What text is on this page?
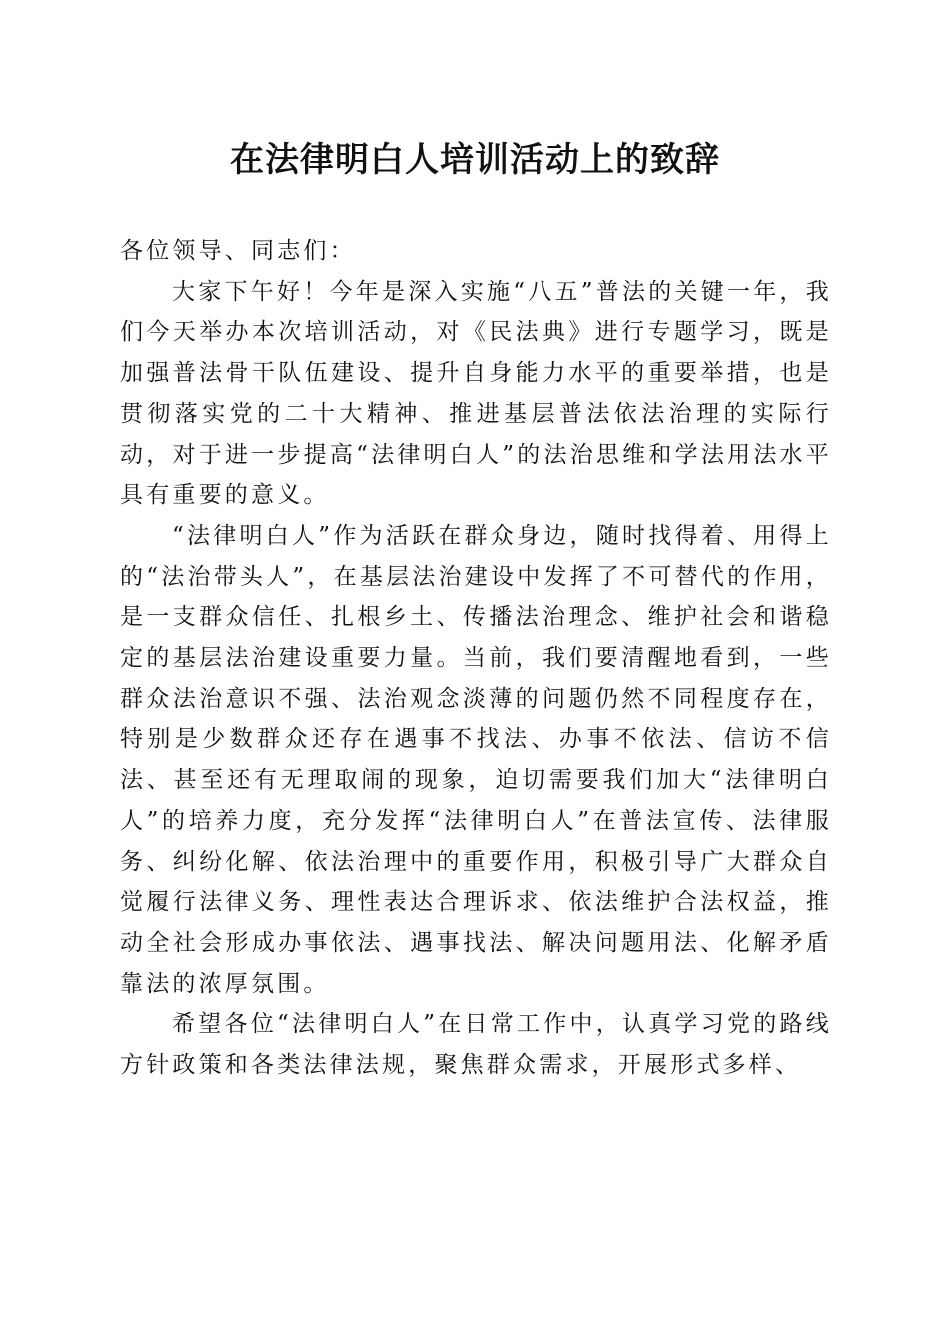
在法律明白人培训活动上的致辞

各位领导、同志们：

大家下午好！今年是深入实施“八五”普法的关键一年，我们今天举办本次培训活动，对《民法典》进行专题学习，既是加强普法骨干队伍建设、提升自身能力水平的重要举措，也是贯彻落实党的二十大精神、推进基层普法依法治理的实际行动，对于进一步提高“法律明白人”的法治思维和学法用法水平具有重要的意义。

“法律明白人”作为活跃在群众身边，随时找得着、用得上的“法治带头人”，在基层法治建设中发挥了不可替代的作用，是一支群众信任、扎根乡土、传播法治理念、维护社会和谐稳定的基层法治建设重要力量。当前，我们要清醒地看到，一些群众法治意识不强、法治观念淡薄的问题仍然不同程度存在，特别是少数群众还存在遇事不找法、办事不依法、信访不信法、甚至还有无理取闹的现象，迫切需要我们加大“法律明白人”的培养力度，充分发挥“法律明白人”在普法宣传、法律服务、纠纷化解、依法治理中的重要作用，积极引导广大群众自觉履行法律义务、理性表达合理诉求、依法维护合法权益，推动全社会形成办事依法、遇事找法、解决问题用法、化解矛盾靠法的浓厚氛围。

希望各位“法律明白人”在日常工作中，认真学习党的路线方针政策和各类法律法规，聚焦群众需求，开展形式多样、
